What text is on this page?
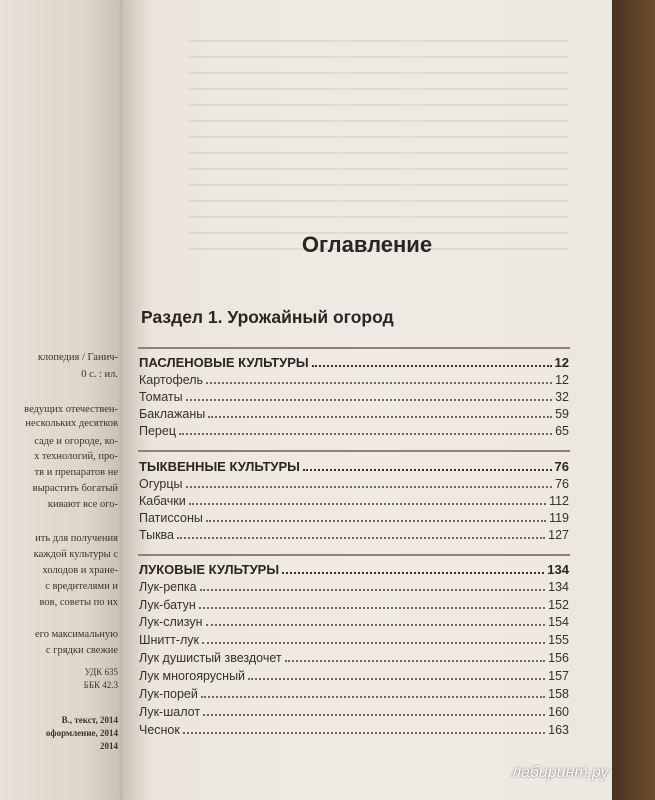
клопедия / Ганич-
0 с. : ил.
ведущих отечествен-
нескольких десятков
саде и огороде, ко-
х технологий, про-
тв и препаратов не
вырастить богатый
кивают все ого-
ить для получения
каждой культуры с
холодов и хране-
с вредителями и
вов, советы по их
его максимальную
с грядки свежие
УДК 635
ББК 42.3
В., текст, 2014
оформление, 2014
2014
Оглавление
Раздел 1. Урожайный огород
ПАСЛЕНОВЫЕ КУЛЬТУРЫ	12
Картофель	12
Томаты	32
Баклажаны	59
Перец	65
ТЫКВЕННЫЕ КУЛЬТУРЫ	76
Огурцы	76
Кабачки	112
Патиссоны	119
Тыква	127
ЛУКОВЫЕ КУЛЬТУРЫ	134
Лук-репка	134
Лук-батун	152
Лук-слизун	154
Шнитт-лук	155
Лук душистый звездочет	156
Лук многоярусный	157
Лук-порей	158
Лук-шалот	160
Чеснок	163
лабиринт.ру
